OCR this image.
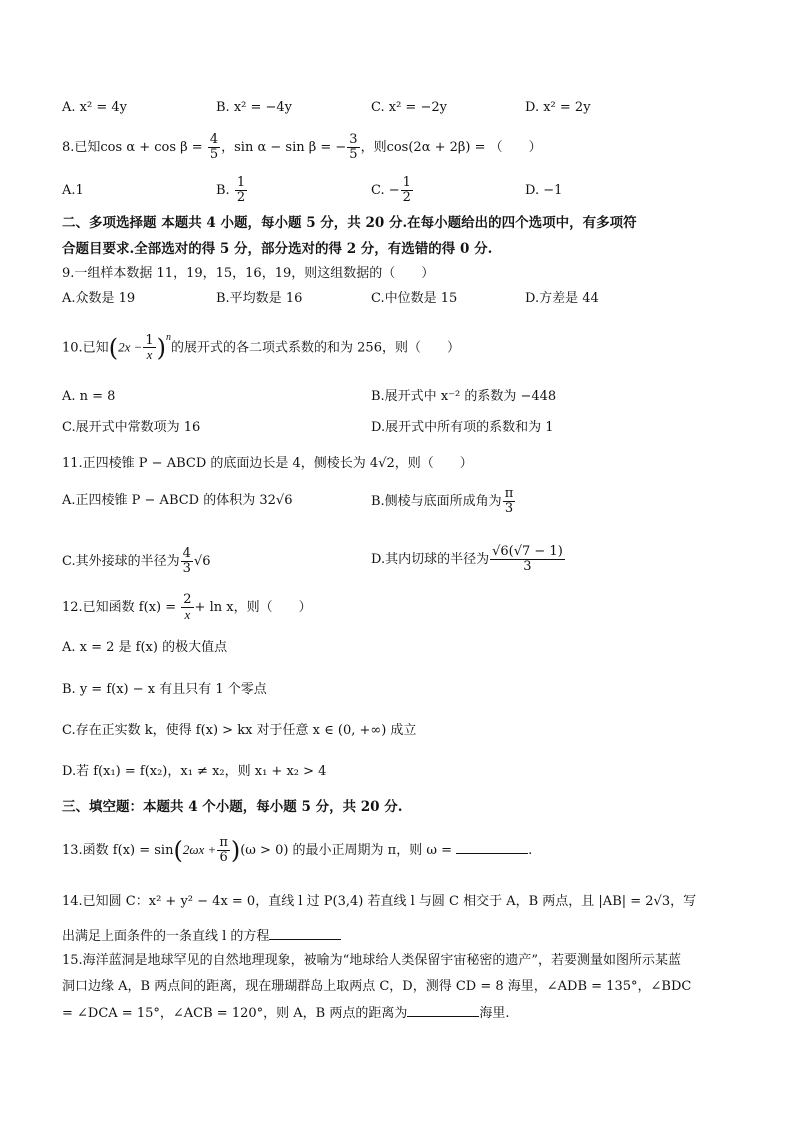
A. x² = 4y	B. x² = −4y	C. x² = −2y	D. x² = 2y
8.已知$\cos \alpha + \cos \beta = \frac{4}{5}$ ，sin α − sin β = − $\frac{3}{5}$ ，则cos(2α + 2β) = （　　）
A.1	B. $\frac{1}{2}$	C. − $\frac{1}{2}$	D. −1
二、多项选择题 本题共 4 小题，每小题 5 分，共 20 分.在每小题给出的四个选项中，有多项符
合题目要求.全部选对的得 5 分，部分选对的得 2 分，有选错的得 0 分.
9.一组样本数据 11，19，15，16，19，则这组数据的（　　）
A.众数是 19	B.平均数是 16	C.中位数是 15	D.方差是 44
10.已知$(2x - \frac{1}{x} )^n$的展开式的各二项式系数的和为 256，则（　　）
A. n = 8	B.展开式中 x⁻² 的系数为 −448
C.展开式中常数项为 16	D.展开式中所有项的系数和为 1
11.正四棱锥 P − ABCD 的底面边长是 4，侧棱长为 4√2，则（　　）
A.正四棱锥 P − ABCD 的体积为 32√6	B.侧棱与底面所成角为 $\frac{\pi}{3}$
C.其外接球的半径为 $\frac{4}{3} √6$	D.其内切球的半径为 $\frac{√6(√7 - 1)}{3}$
12.已知函数 $f(x) = \frac{2}{x} + \ln x$，则（　　）
A. x = 2 是 f(x) 的极大值点
B. y = f(x) − x 有且只有 1 个零点
C.存在正实数 k，使得 f(x) > kx 对于任意 x ∈ (0, +∞) 成立
D.若 f(x₁) = f(x₂)，x₁ ≠ x₂，则 x₁ + x₂ > 4
三、填空题：本题共 4 个小题，每小题 5 分，共 20 分.
13.函数 $f(x) = \sin(2\omega x + \frac{\pi}{6} )(\omega > 0)$ 的最小正周期为 π，则 ω =	.
14.已知圆 C：x² + y² − 4x = 0，直线 l 过 P(3,4) 若直线 l 与圆 C 相交于 A，B 两点，且 |AB| = 2√3，写
出满足上面条件的一条直线 l 的方程
15.海洋蓝洞是地球罕见的自然地理现象，被喻为“地球给人类保留宇宙秘密的遗产”，若要测量如图所示某蓝
洞口边缘 A，B 两点间的距离，现在珊瑚群岛上取两点 C，D，测得 CD = 8 海里，∠ADB = 135°，∠BDC
= ∠DCA = 15°，∠ACB = 120°，则 A，B 两点的距离为	海里.
